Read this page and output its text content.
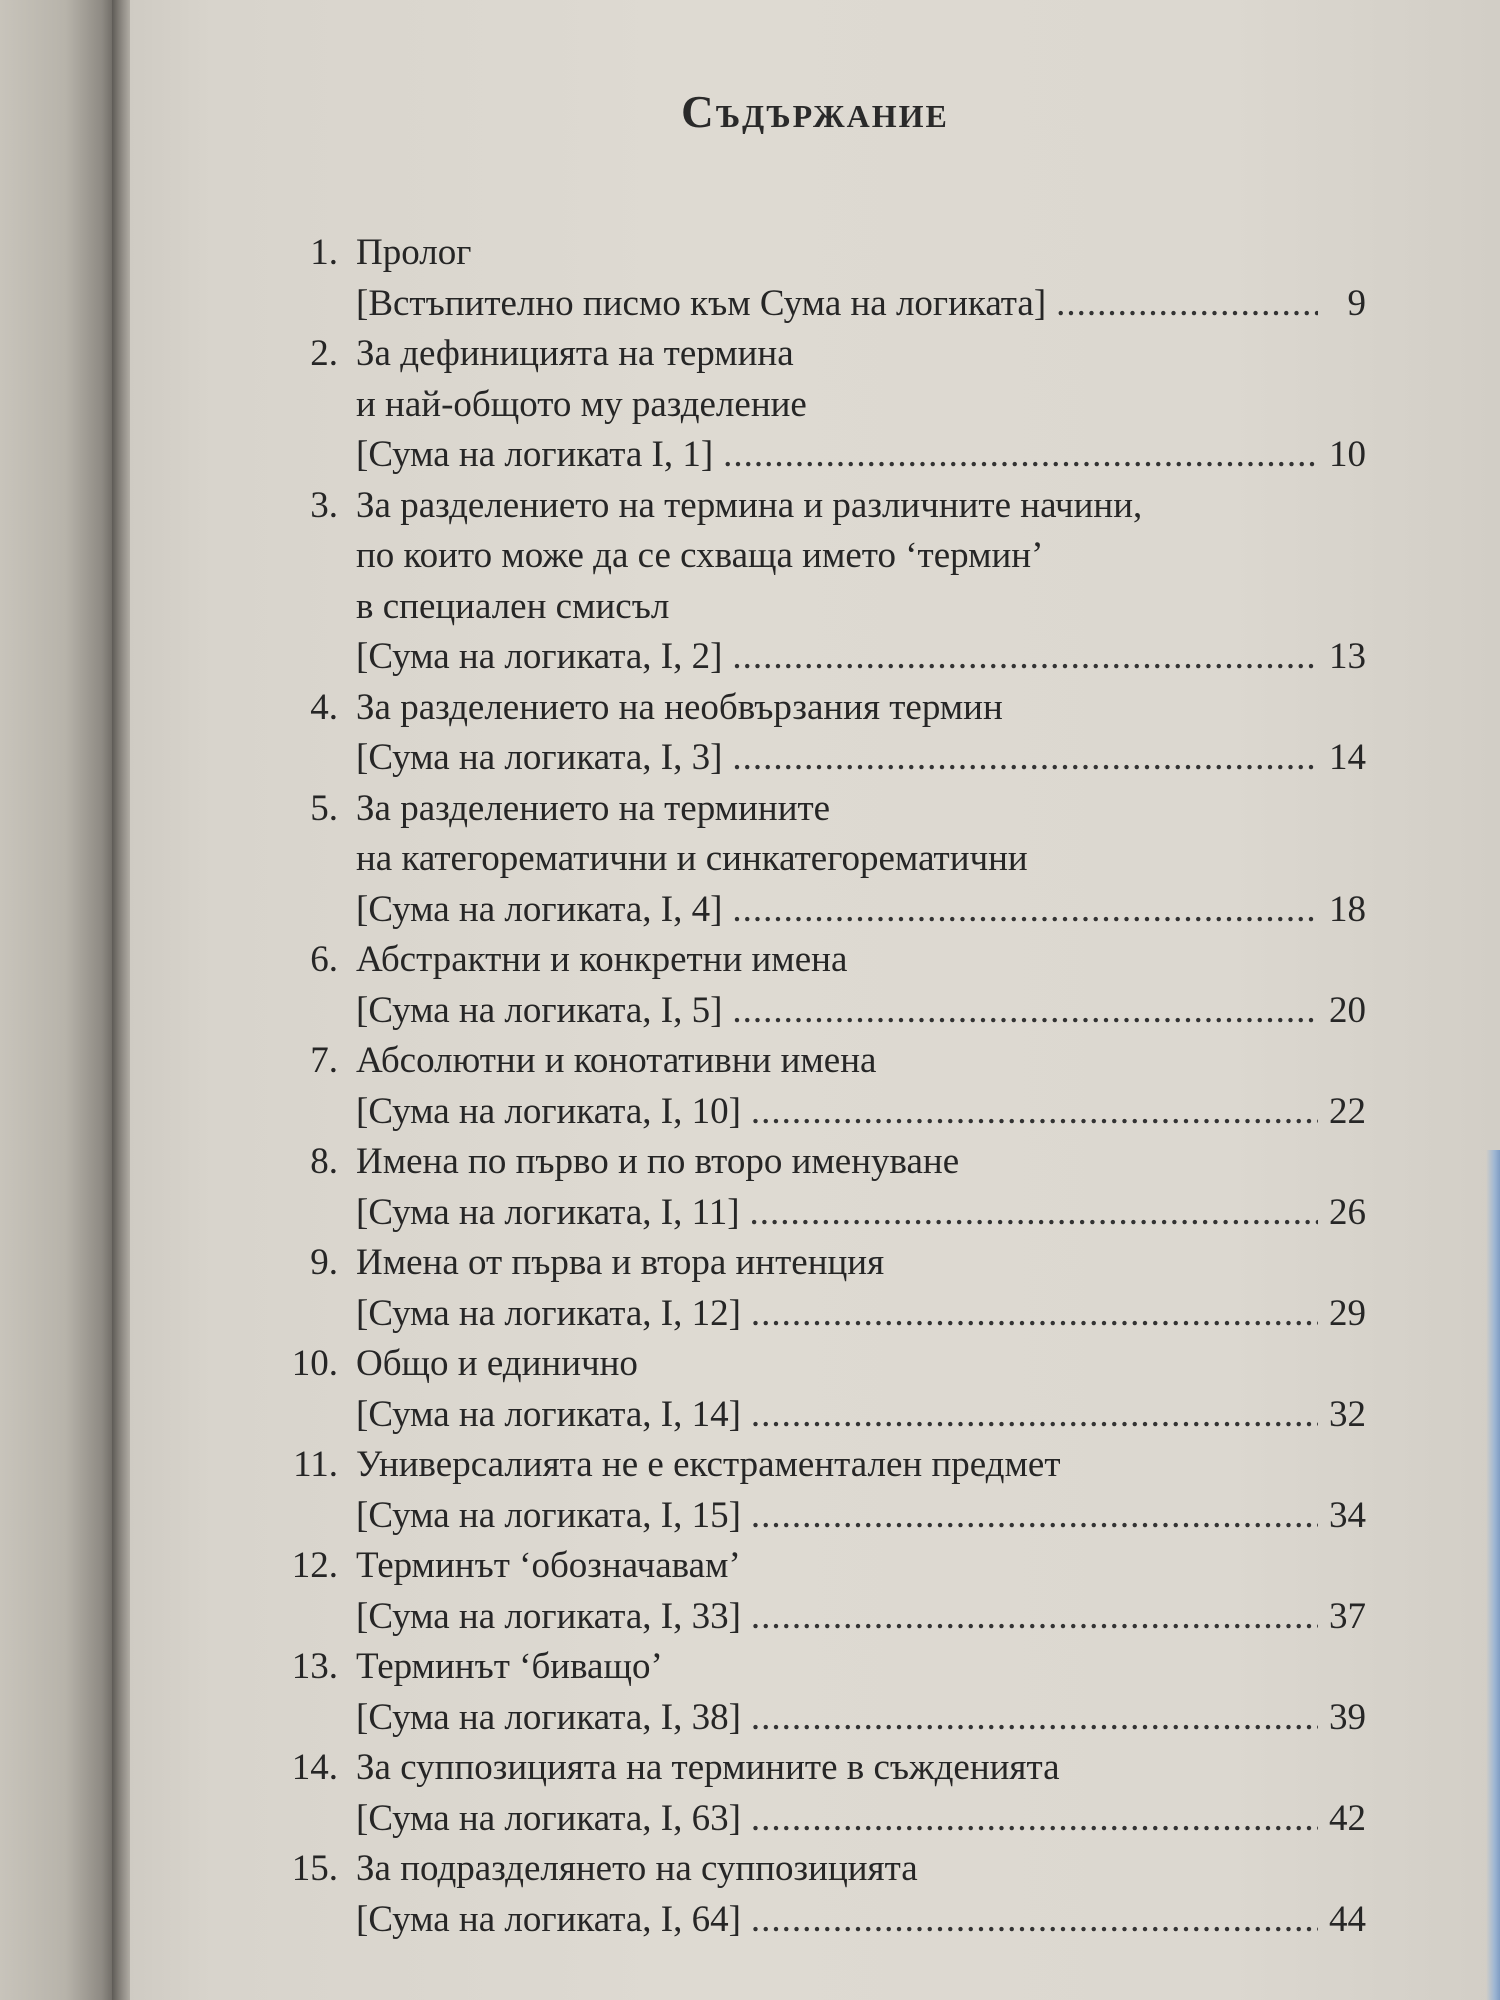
Съдържание
1. Пролог
[Встъпително писмо към Сума на логиката] .....	9
2. За дефиницията на термина
и най-общото му разделение
[Сума на логиката I, 1] .....	10
3. За разделението на термина и различните начини,
по които може да се схваща името ‘термин’
в специален смисъл
[Сума на логиката, I, 2] .....	13
4. За разделението на необвързания термин
[Сума на логиката, I, 3] .....	14
5. За разделението на термините
на категорематични и синкатегорематични
[Сума на логиката, I, 4] .....	18
6. Абстрактни и конкретни имена
[Сума на логиката, I, 5] .....	20
7. Абсолютни и конотативни имена
[Сума на логиката, I, 10] .....	22
8. Имена по първо и по второ именуване
[Сума на логиката, I, 11] .....	26
9. Имена от първа и втора интенция
[Сума на логиката, I, 12] .....	29
10. Общо и единично
[Сума на логиката, I, 14] .....	32
11. Универсалията не е екстраментален предмет
[Сума на логиката, I, 15] .....	34
12. Терминът ‘обозначавам’
[Сума на логиката, I, 33] .....	37
13. Терминът ‘биващо’
[Сума на логиката, I, 38] .....	39
14. За суппозицията на термините в съжденията
[Сума на логиката, I, 63] .....	42
15. За подразделянето на суппозицията
[Сума на логиката, I, 64] .....	44
